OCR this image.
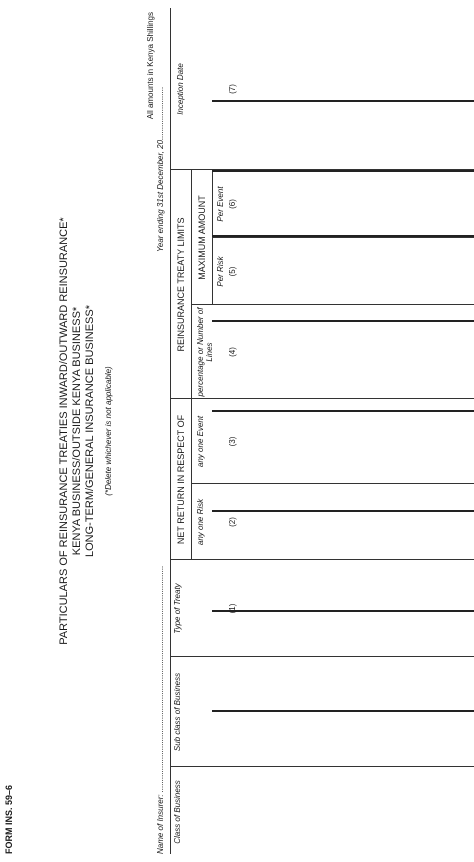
FORM INS. 59–6
PARTICULARS OF REINSURANCE TREATIES INWARD/OUTWARD REINSURANCE* KENYA BUSINESS/OUTSIDE KENYA BUSINESS* LONG-TERM/GENERAL INSURANCE BUSINESS* (*Delete whichever is not applicable)
All amounts in Kenya Shillings
Name of Insurer: ......................................................................................................
Year ending 31st December, 20........................
Class of Business
Sub class of Business
Type of Treaty
NET RETURN IN RESPECT OF any one Risk
any one Event
REINSURANCE TREATY LIMITS
percentage or Number of Lines
MAXIMUM AMOUNT Per Risk
Per Event
Inception Date
(1)
(2)
(3)
(4)
(5)
(6)
(7)
